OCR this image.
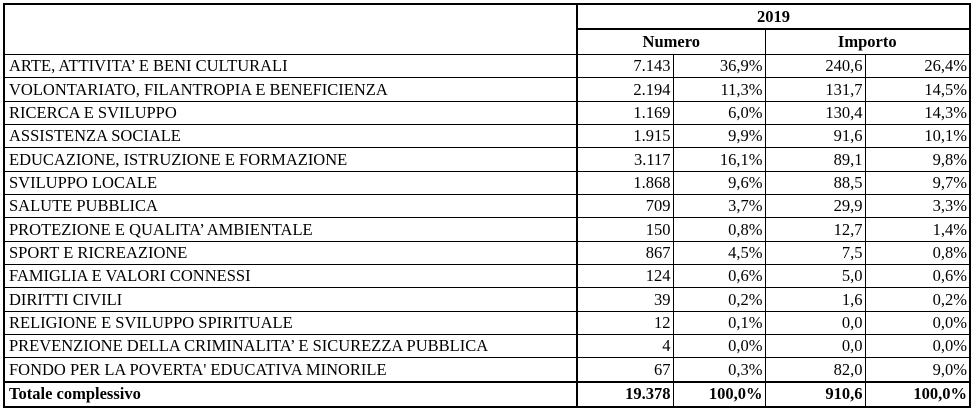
	2019			
	Numero		Importo	
ARTE, ATTIVITA’ E BENI CULTURALI	7.143	36,9%	240,6	26,4%
VOLONTARIATO, FILANTROPIA E BENEFICIENZA	2.194	11,3%	131,7	14,5%
RICERCA E SVILUPPO	1.169	6,0%	130,4	14,3%
ASSISTENZA SOCIALE	1.915	9,9%	91,6	10,1%
EDUCAZIONE, ISTRUZIONE E FORMAZIONE	3.117	16,1%	89,1	9,8%
SVILUPPO LOCALE	1.868	9,6%	88,5	9,7%
SALUTE PUBBLICA	709	3,7%	29,9	3,3%
PROTEZIONE E QUALITA’ AMBIENTALE	150	0,8%	12,7	1,4%
SPORT E RICREAZIONE	867	4,5%	7,5	0,8%
FAMIGLIA E VALORI CONNESSI	124	0,6%	5,0	0,6%
DIRITTI CIVILI	39	0,2%	1,6	0,2%
RELIGIONE E SVILUPPO SPIRITUALE	12	0,1%	0,0	0,0%
PREVENZIONE DELLA CRIMINALITA’ E SICUREZZA PUBBLICA	4	0,0%	0,0	0,0%
FONDO PER LA POVERTA' EDUCATIVA MINORILE	67	0,3%	82,0	9,0%
Totale complessivo	19.378	100,0%	910,6	100,0%
